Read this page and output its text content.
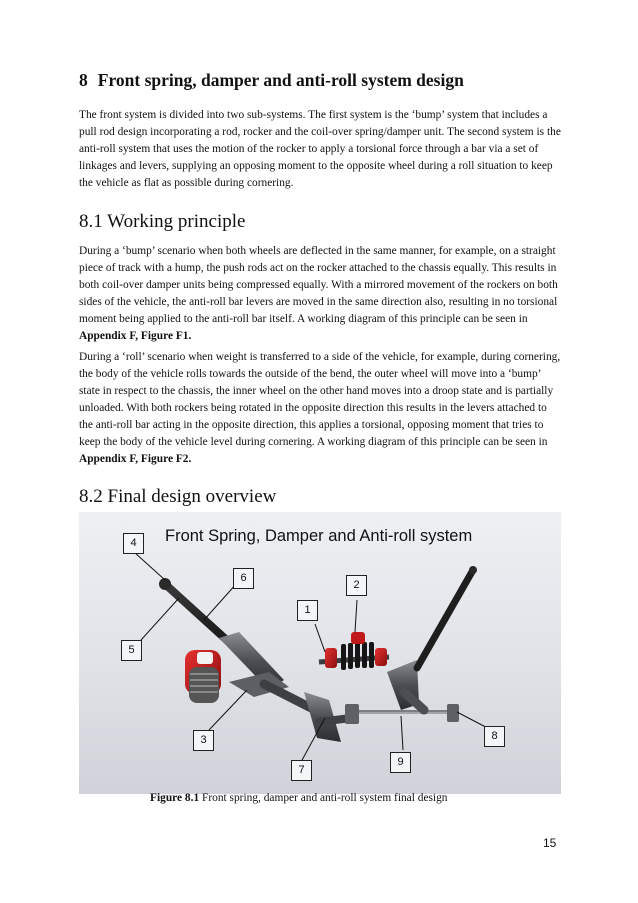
8 Front spring, damper and anti-roll system design

The front system is divided into two sub-systems. The first system is the ‘bump’ system that includes a pull rod design incorporating a rod, rocker and the coil-over spring/damper unit. The second system is the anti-roll system that uses the motion of the rocker to apply a torsional force through a bar via a set of linkages and levers, supplying an opposing moment to the opposite wheel during a roll situation to keep the vehicle as flat as possible during cornering.

8.1 Working principle

During a ‘bump’ scenario when both wheels are deflected in the same manner, for example, on a straight piece of track with a hump, the push rods act on the rocker attached to the chassis equally. This results in both coil-over damper units being compressed equally. With a mirrored movement of the rockers on both sides of the vehicle, the anti-roll bar levers are moved in the same direction also, resulting in no torsional moment being applied to the anti-roll bar itself. A working diagram of this principle can be seen in Appendix F, Figure F1.

During a ‘roll’ scenario when weight is transferred to a side of the vehicle, for example, during cornering, the body of the vehicle rolls towards the outside of the bend, the outer wheel will move into a ‘bump’ state in respect to the chassis, the inner wheel on the other hand moves into a droop state and is partially unloaded. With both rockers being rotated in the opposite direction this results in the levers attached to the anti-roll bar acting in the opposite direction, this applies a torsional, opposing moment that tries to keep the body of the vehicle level during cornering. A working diagram of this principle can be seen in Appendix F, Figure F2.

8.2 Final design overview
Front Spring, Damper and Anti-roll system
4
6
2
1
5
3	8
9
7
Figure 8.1 Front spring, damper and anti-roll system final design
15
